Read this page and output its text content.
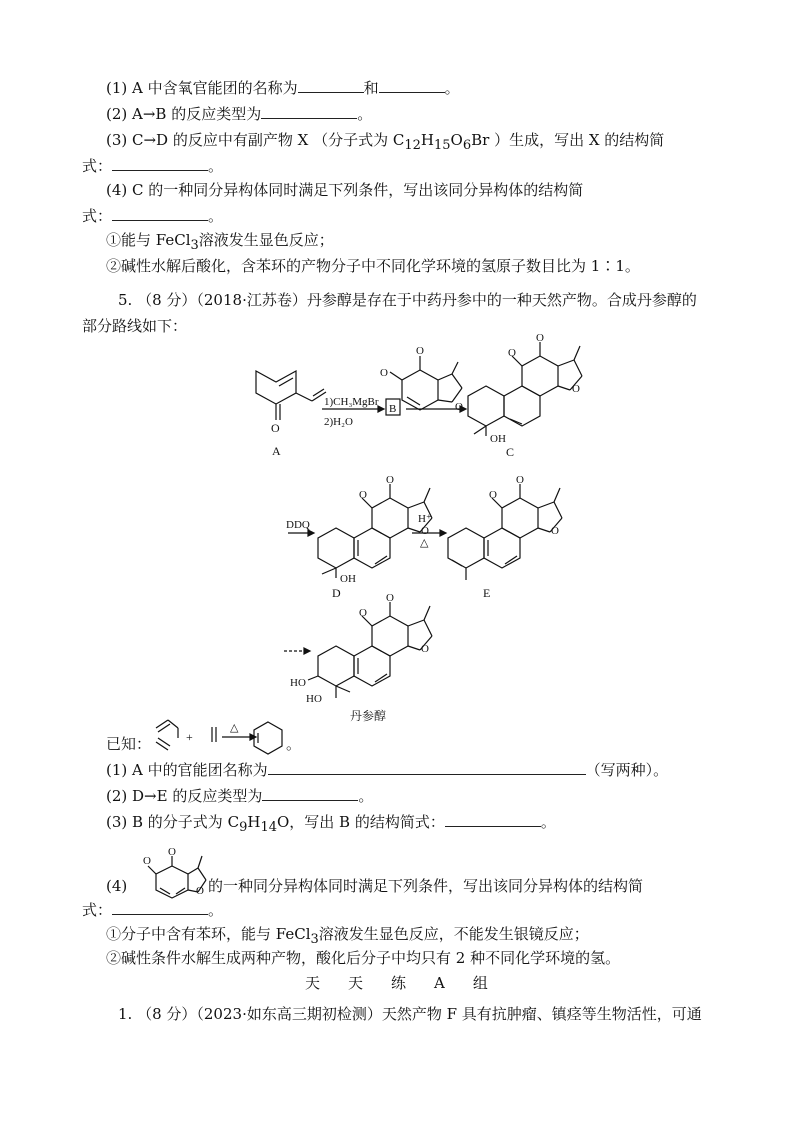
(1) A 中含氧官能团的名称为	和	。
(2) A→B 的反应类型为	。
(3) C→D 的反应中有副产物 X （分子式为 $C_{12}H_{15}O_6Br$ ）生成，写出 X 的结构简
式：	。
(4) C 的一种同分异构体同时满足下列条件，写出该同分异构体的结构简
式：	。
①能与 FeCl$_3$溶液发生显色反应；
②碱性水解后酸化，含苯环的产物分子中不同化学环境的氢原子数目比为 1∶1。
5. （8 分）（2018·江苏卷）丹参醇是存在于中药丹参中的一种天然产物。合成丹参醇的
部分路线如下：
A
O
1)CH₃MgBr
2)H₂O
B
O
O
O
O
O
O
OH
C
DDQ	H⁺
△
O
O
O
OH
D
O
O
O
E
O
O
O
HO
HO
丹参醇
+
△
O
O
O
已知：	。
(1) A 中的官能团名称为	（写两种）。
(2) D→E 的反应类型为	。
(3) B 的分子式为 $C_9H_{14}O$，写出 B 的结构简式：	。
(4)	的一种同分异构体同时满足下列条件，写出该同分异构体的结构简
式：	。
①分子中含有苯环，能与 FeCl$_3$溶液发生显色反应，不能发生银镜反应；
②碱性条件水解生成两种产物，酸化后分子中均只有 2 种不同化学环境的氢。
天天练A组
1. （8 分）（2023·如东高三期初检测）天然产物 F 具有抗肿瘤、镇痉等生物活性，可通
